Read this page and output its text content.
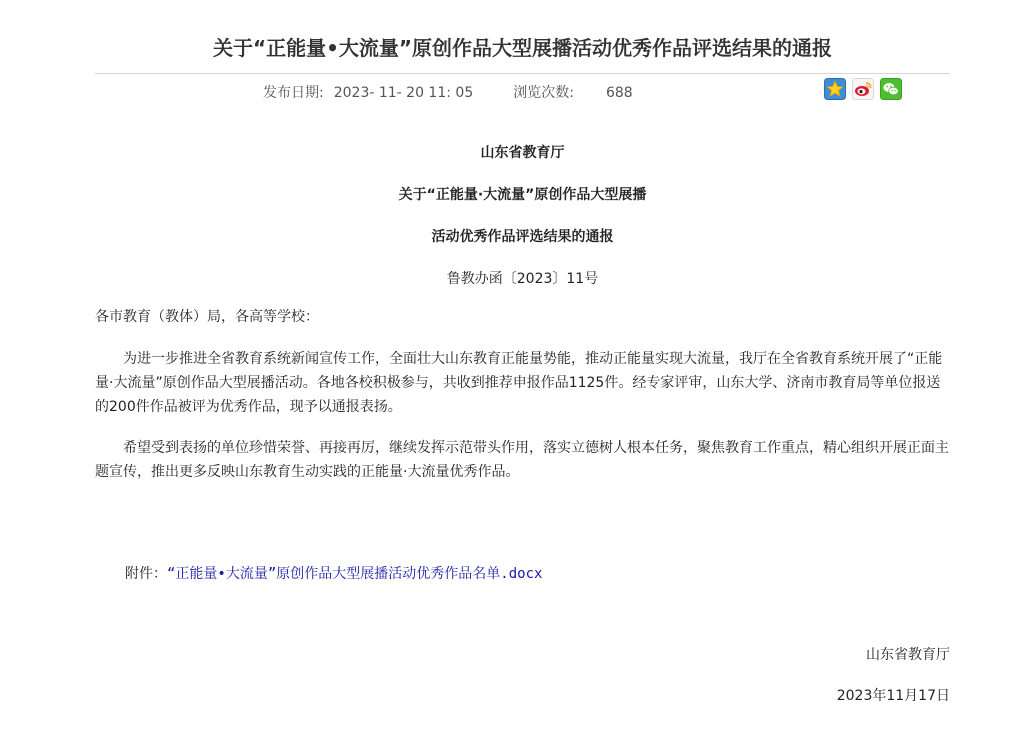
关于“正能量•大流量”原创作品大型展播活动优秀作品评选结果的通报
发布日期: 2023- 11- 20 11: 05	浏览次数: 688
山东省教育厅
关于“正能量·大流量”原创作品大型展播
活动优秀作品评选结果的通报
鲁教办函〔2023〕11号
各市教育（教体）局，各高等学校：
为进一步推进全省教育系统新闻宣传工作，全面壮大山东教育正能量势能，推动正能量实现大流量，我厅在全省教育系统开展了“正能量·大流量”原创作品大型展播活动。各地各校积极参与，共收到推荐申报作品1125件。经专家评审，山东大学、济南市教育局等单位报送的200件作品被评为优秀作品，现予以通报表扬。
希望受到表扬的单位珍惜荣誉、再接再厉，继续发挥示范带头作用，落实立德树人根本任务，聚焦教育工作重点，精心组织开展正面主题宣传，推出更多反映山东教育生动实践的正能量·大流量优秀作品。
附件：“正能量•大流量”原创作品大型展播活动优秀作品名单.docx
山东省教育厅
2023年11月17日
